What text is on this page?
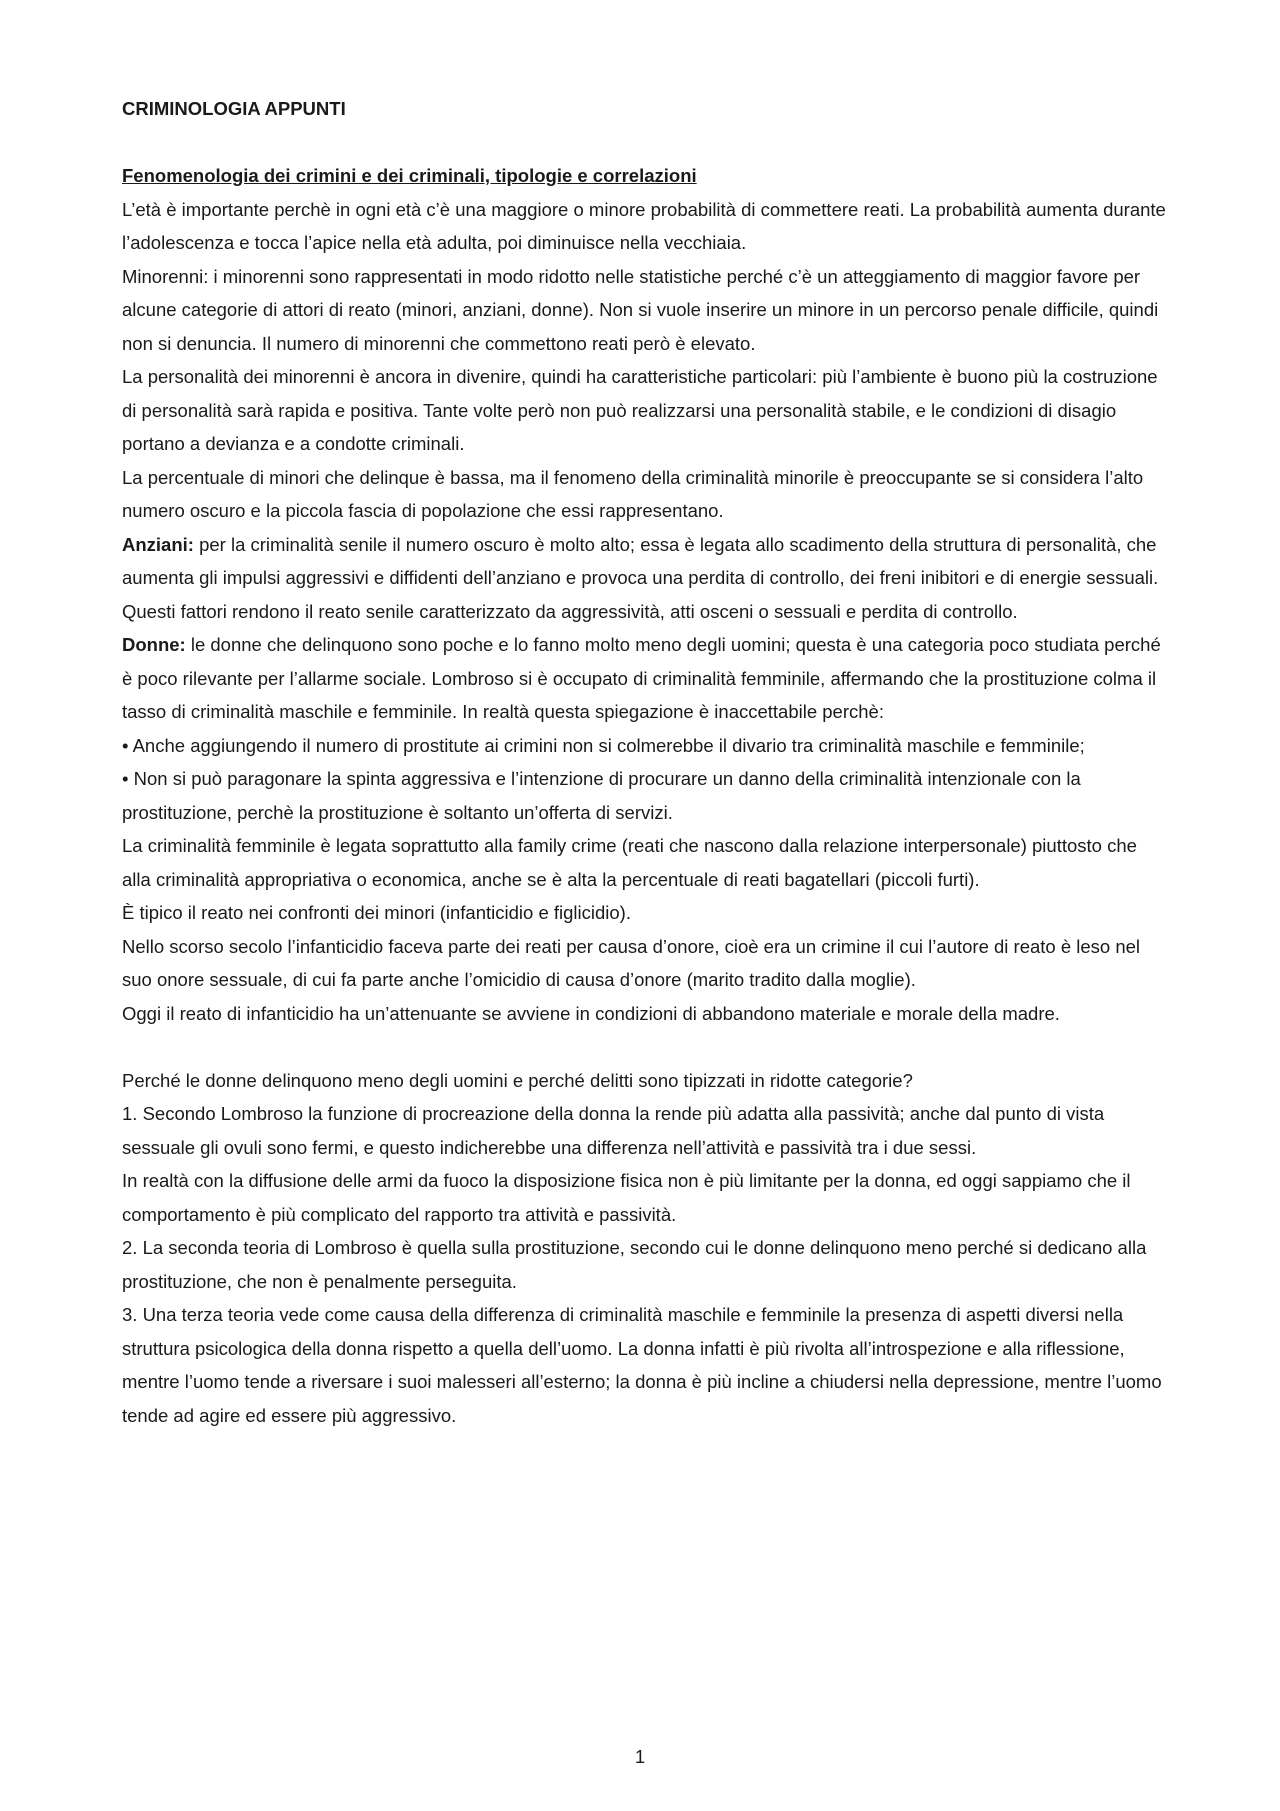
CRIMINOLOGIA APPUNTI

Fenomenologia dei crimini e dei criminali, tipologie e correlazioni

L’età è importante perchè in ogni età c’è una maggiore o minore probabilità di commettere reati. La probabilità aumenta durante l’adolescenza e tocca l’apice nella età adulta, poi diminuisce nella vecchiaia.

Minorenni: i minorenni sono rappresentati in modo ridotto nelle statistiche perché c’è un atteggiamento di maggior favore per alcune categorie di attori di reato (minori, anziani, donne). Non si vuole inserire un minore in un percorso penale difficile, quindi non si denuncia. Il numero di minorenni che commettono reati però è elevato.

La personalità dei minorenni è ancora in divenire, quindi ha caratteristiche particolari: più l’ambiente è buono più la costruzione di personalità sarà rapida e positiva. Tante volte però non può realizzarsi una personalità stabile, e le condizioni di disagio portano a devianza e a condotte criminali.

La percentuale di minori che delinque è bassa, ma il fenomeno della criminalità minorile è preoccupante se si considera l’alto numero oscuro e la piccola fascia di popolazione che essi rappresentano.

Anziani: per la criminalità senile il numero oscuro è molto alto; essa è legata allo scadimento della struttura di personalità, che aumenta gli impulsi aggressivi e diffidenti dell’anziano e provoca una perdita di controllo, dei freni inibitori e di energie sessuali. Questi fattori rendono il reato senile caratterizzato da aggressività, atti osceni o sessuali e perdita di controllo.

Donne: le donne che delinquono sono poche e lo fanno molto meno degli uomini; questa è una categoria poco studiata perché è poco rilevante per l’allarme sociale. Lombroso si è occupato di criminalità femminile, affermando che la prostituzione colma il tasso di criminalità maschile e femminile. In realtà questa spiegazione è inaccettabile perchè:

• Anche aggiungendo il numero di prostitute ai crimini non si colmerebbe il divario tra criminalità maschile e femminile;

• Non si può paragonare la spinta aggressiva e l’intenzione di procurare un danno della criminalità intenzionale con la

prostituzione, perchè la prostituzione è soltanto un’offerta di servizi.

La criminalità femminile è legata soprattutto alla family crime (reati che nascono dalla relazione interpersonale) piuttosto che alla criminalità appropriativa o economica, anche se è alta la percentuale di reati bagatellari (piccoli furti).

È tipico il reato nei confronti dei minori (infanticidio e figlicidio).

Nello scorso secolo l’infanticidio faceva parte dei reati per causa d’onore, cioè era un crimine il cui l’autore di reato è leso nel suo onore sessuale, di cui fa parte anche l’omicidio di causa d’onore (marito tradito dalla moglie).

Oggi il reato di infanticidio ha un’attenuante se avviene in condizioni di abbandono materiale e morale della madre.

Perché le donne delinquono meno degli uomini e perché delitti sono tipizzati in ridotte categorie?

1. Secondo Lombroso la funzione di procreazione della donna la rende più adatta alla passività; anche dal punto di vista sessuale gli ovuli sono fermi, e questo indicherebbe una differenza nell’attività e passività tra i due sessi.

In realtà con la diffusione delle armi da fuoco la disposizione fisica non è più limitante per la donna, ed oggi sappiamo che il comportamento è più complicato del rapporto tra attività e passività.

2. La seconda teoria di Lombroso è quella sulla prostituzione, secondo cui le donne delinquono meno perché si dedicano alla prostituzione, che non è penalmente perseguita.

3. Una terza teoria vede come causa della differenza di criminalità maschile e femminile la presenza di aspetti diversi nella struttura psicologica della donna rispetto a quella dell’uomo. La donna infatti è più rivolta all’introspezione e alla riflessione, mentre l’uomo tende a riversare i suoi malesseri all’esterno; la donna è più incline a chiudersi nella depressione, mentre l’uomo tende ad agire ed essere più aggressivo.

1
